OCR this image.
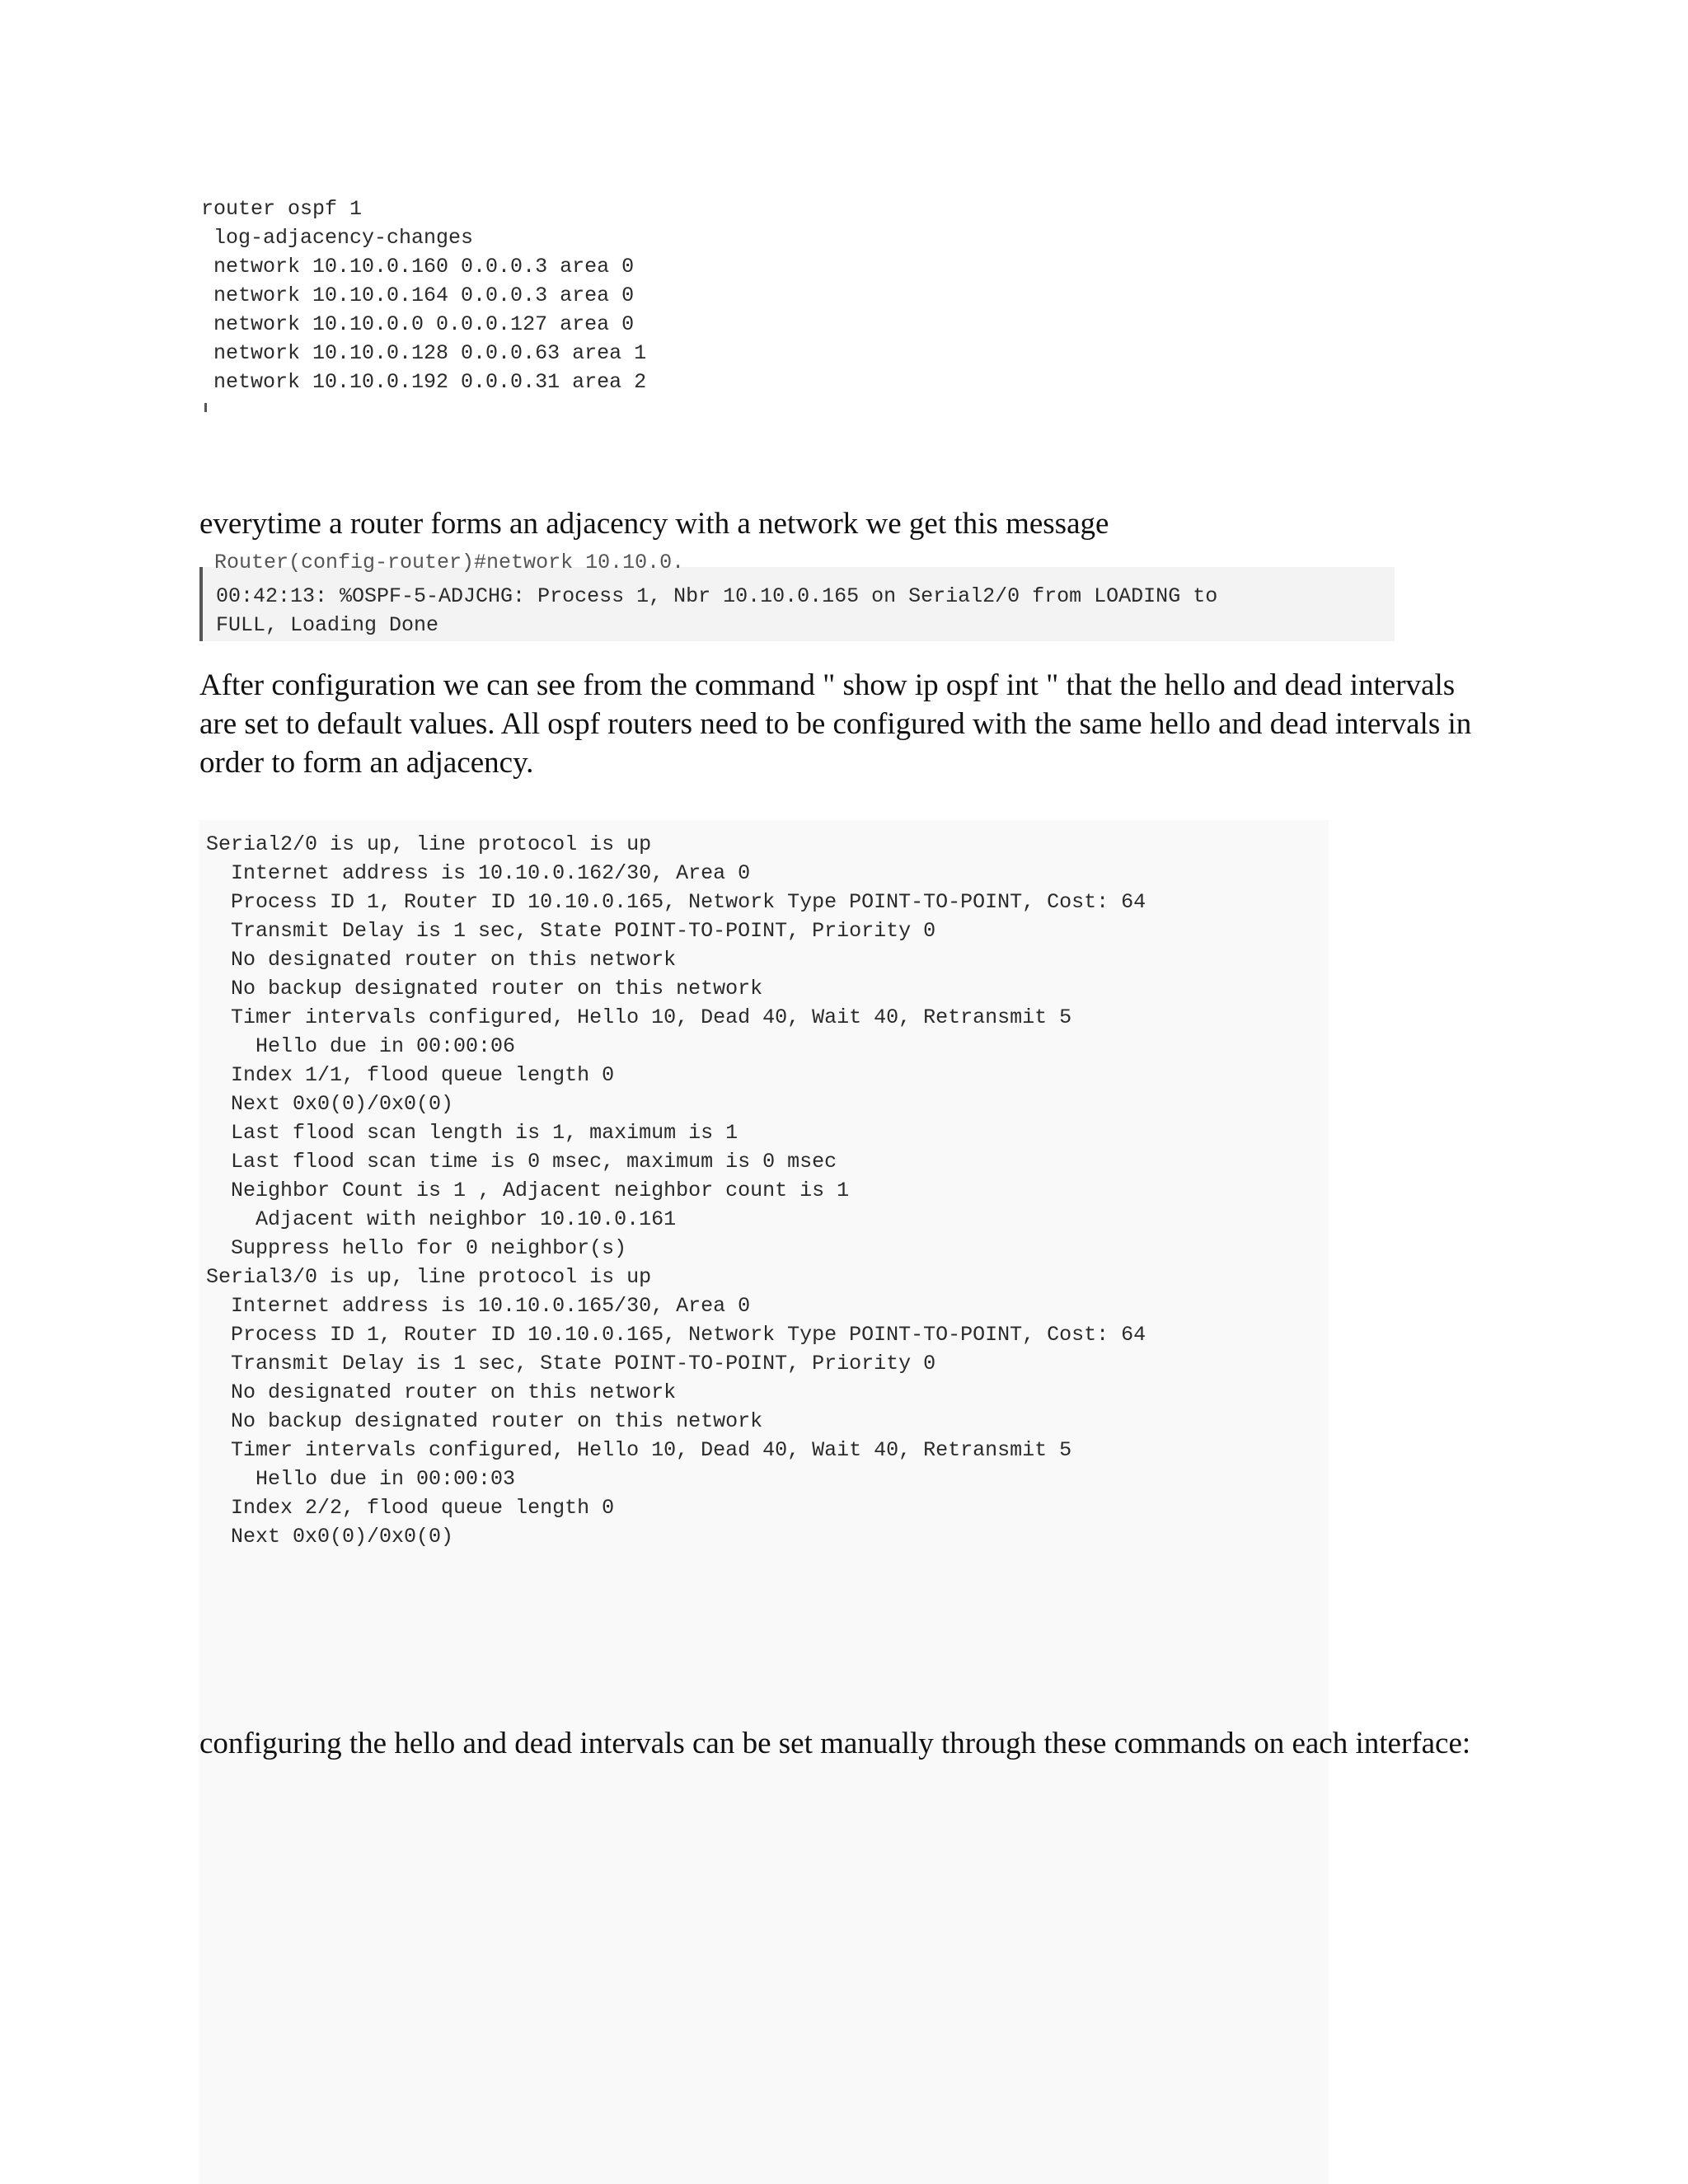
router ospf 1
log-adjacency-changes
network 10.10.0.160 0.0.0.3 area 0
network 10.10.0.164 0.0.0.3 area 0
network 10.10.0.0 0.0.0.127 area 0
network 10.10.0.128 0.0.0.63 area 1
network 10.10.0.192 0.0.0.31 area 2

everytime a router forms an adjacency with a network we get this message

Router(config-router)#network 10.10.0.
00:42:13: %OSPF-5-ADJCHG: Process 1, Nbr 10.10.0.165 on Serial2/0 from LOADING to
FULL, Loading Done

After configuration we can see from the command " show ip ospf int " that the hello and dead intervals are set to default values. All ospf routers need to be configured with the same hello and dead intervals in order to form an adjacency.

Serial2/0 is up, line protocol is up
Internet address is 10.10.0.162/30, Area 0
Process ID 1, Router ID 10.10.0.165, Network Type POINT-TO-POINT, Cost: 64
Transmit Delay is 1 sec, State POINT-TO-POINT, Priority 0
No designated router on this network
No backup designated router on this network
Timer intervals configured, Hello 10, Dead 40, Wait 40, Retransmit 5
Hello due in 00:00:06
Index 1/1, flood queue length 0
Next 0x0(0)/0x0(0)
Last flood scan length is 1, maximum is 1
Last flood scan time is 0 msec, maximum is 0 msec
Neighbor Count is 1 , Adjacent neighbor count is 1
Adjacent with neighbor 10.10.0.161
Suppress hello for 0 neighbor(s)
Serial3/0 is up, line protocol is up
Internet address is 10.10.0.165/30, Area 0
Process ID 1, Router ID 10.10.0.165, Network Type POINT-TO-POINT, Cost: 64
Transmit Delay is 1 sec, State POINT-TO-POINT, Priority 0
No designated router on this network
No backup designated router on this network
Timer intervals configured, Hello 10, Dead 40, Wait 40, Retransmit 5
Hello due in 00:00:03
Index 2/2, flood queue length 0
Next 0x0(0)/0x0(0)

configuring the hello and dead intervals can be set manually through these commands on each interface:
